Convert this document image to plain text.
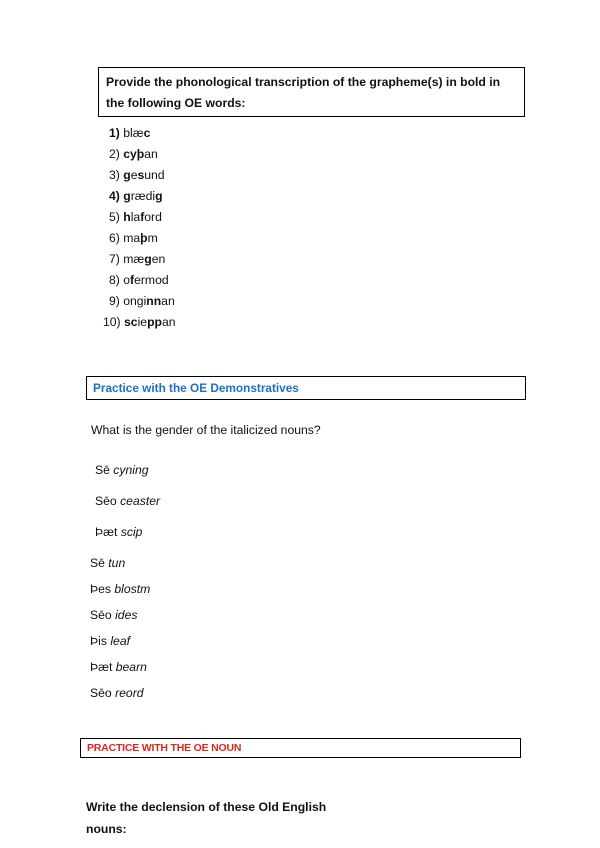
Provide the phonological transcription of the grapheme(s) in bold in the following OE words:
1) blæc
2) cyþan
3) gesund
4) grædig
5) hlaford
6) maþm
7) mægen
8) ofermod
9) onginnan
10) scieppan
Practice with the OE Demonstratives
What is the gender of the italicized nouns?
Sē cyning
Sēo ceaster
Þæt scip
Sē tun
Þes blostm
Sēo ides
Þis leaf
Þæt bearn
Sēo reord
PRACTICE WITH THE OE NOUN
Write the declension of these Old English nouns:
